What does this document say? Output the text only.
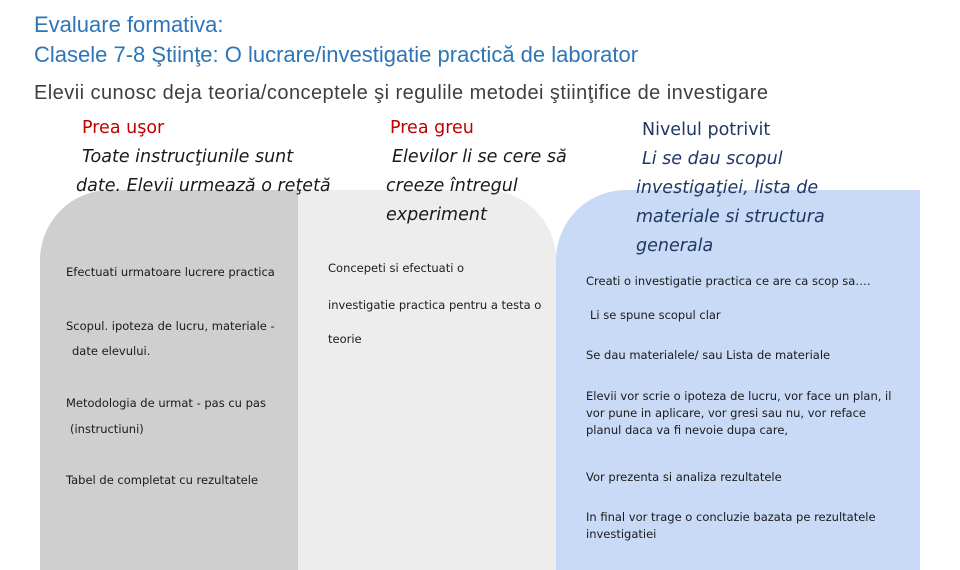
Evaluare formativa:
Clasele 7-8 Ştiinţe: O lucrare/investigatie practică de laborator
Elevii cunosc deja teoria/conceptele şi regulile metodei ştiinţifice de investigare
Prea uşor
Toate instrucţiunile sunt
date. Elevii urmează o reţetă
Prea greu
Elevilor li se cere să
creeze întregul
experiment
Nivelul potrivit
Li se dau scopul
investigaţiei, lista de
materiale si structura
generala
Efectuati urmatoare lucrere practica
Scopul. ipoteza de lucru, materiale -
date elevului.
Metodologia de urmat - pas cu pas
(instructiuni)
Tabel de completat cu rezultatele
Concepeti si efectuati o
investigatie practica pentru a testa o
teorie
Creati o investigatie practica ce are ca scop sa….
Li se spune scopul clar
Se dau materialele/ sau Lista de materiale
Elevii vor scrie o ipoteza de lucru, vor face un plan, il vor pune in aplicare, vor gresi sau nu, vor reface planul daca va fi nevoie dupa care,
Vor prezenta si analiza rezultatele
In final vor trage o concluzie bazata pe rezultatele investigatiei
